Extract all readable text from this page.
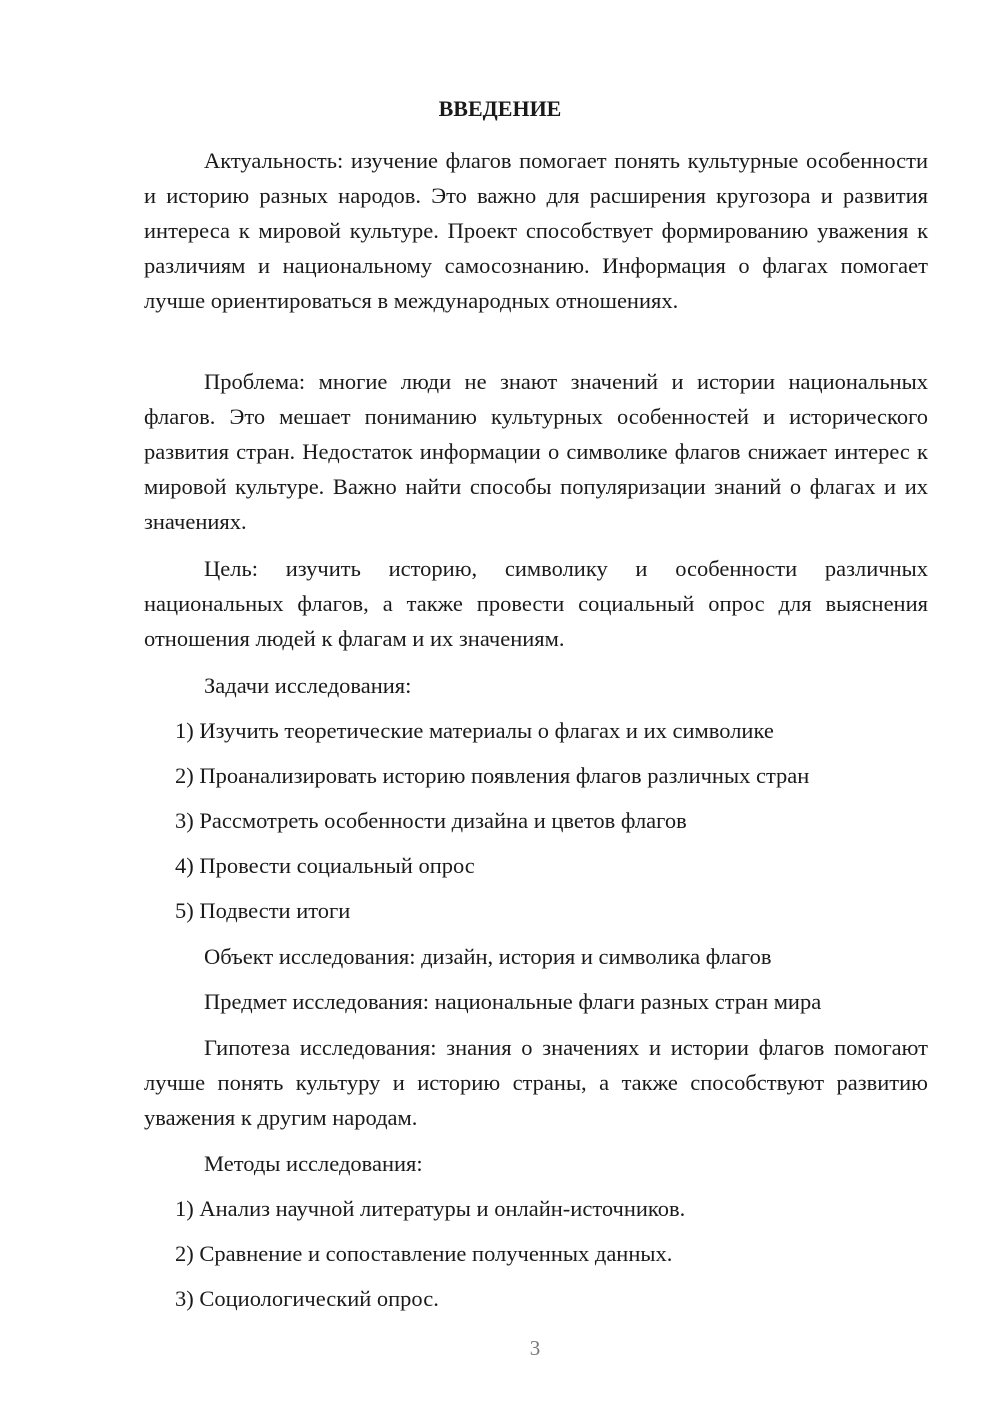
ВВЕДЕНИЕ

Актуальность: изучение флагов помогает понять культурные особенности и историю разных народов. Это важно для расширения кругозора и развития интереса к мировой культуре. Проект способствует формированию уважения к различиям и национальному самосознанию. Информация о флагах помогает лучше ориентироваться в международных отношениях.

Проблема: многие люди не знают значений и истории национальных флагов. Это мешает пониманию культурных особенностей и исторического развития стран. Недостаток информации о символике флагов снижает интерес к мировой культуре. Важно найти способы популяризации знаний о флагах и их значениях.

Цель: изучить историю, символику и особенности различных национальных флагов, а также провести социальный опрос для выяснения отношения людей к флагам и их значениям.

Задачи исследования:

1) Изучить теоретические материалы о флагах и их символике

2) Проанализировать историю появления флагов различных стран

3) Рассмотреть особенности дизайна и цветов флагов

4) Провести социальный опрос

5) Подвести итоги

Объект исследования: дизайн, история и символика флагов

Предмет исследования: национальные флаги разных стран мира

Гипотеза исследования: знания о значениях и истории флагов помогают лучше понять культуру и историю страны, а также способствуют развитию уважения к другим народам.

Методы исследования:

1) Анализ научной литературы и онлайн-источников.

2) Сравнение и сопоставление полученных данных.

3) Социологический опрос.

3
